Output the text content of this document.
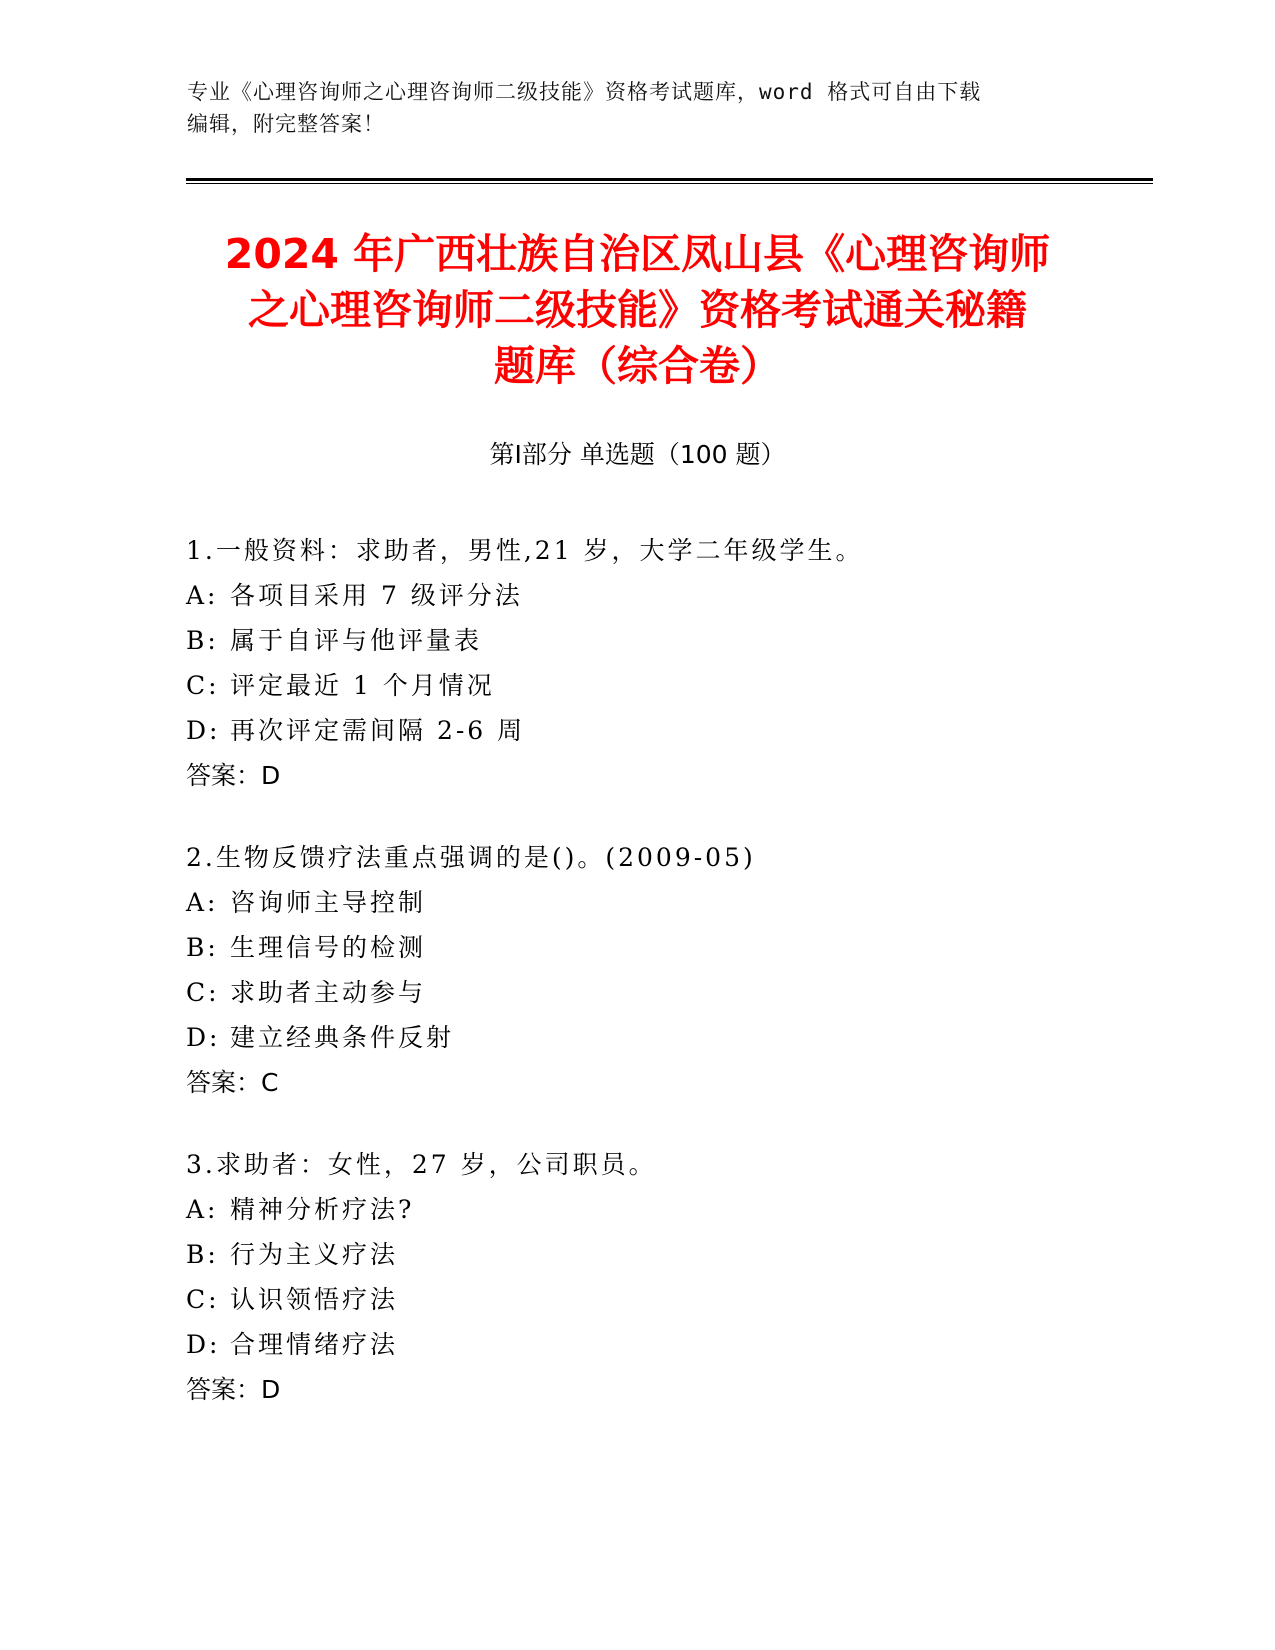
专业《心理咨询师之心理咨询师二级技能》资格考试题库，word 格式可自由下载
编辑，附完整答案！
2024 年广西壮族自治区凤山县《心理咨询师
之心理咨询师二级技能》资格考试通关秘籍
题库（综合卷）
第Ⅰ部分 单选题（100 题）
1.一般资料：求助者，男性,21 岁，大学二年级学生。
A: 各项目采用 7 级评分法
B: 属于自评与他评量表
C: 评定最近 1 个月情况
D: 再次评定需间隔 2-6 周
答案：D
2.生物反馈疗法重点强调的是()。(2009-05)
A: 咨询师主导控制
B: 生理信号的检测
C: 求助者主动参与
D: 建立经典条件反射
答案：C
3.求助者：女性，27 岁，公司职员。
A: 精神分析疗法?
B: 行为主义疗法
C: 认识领悟疗法
D: 合理情绪疗法
答案：D
